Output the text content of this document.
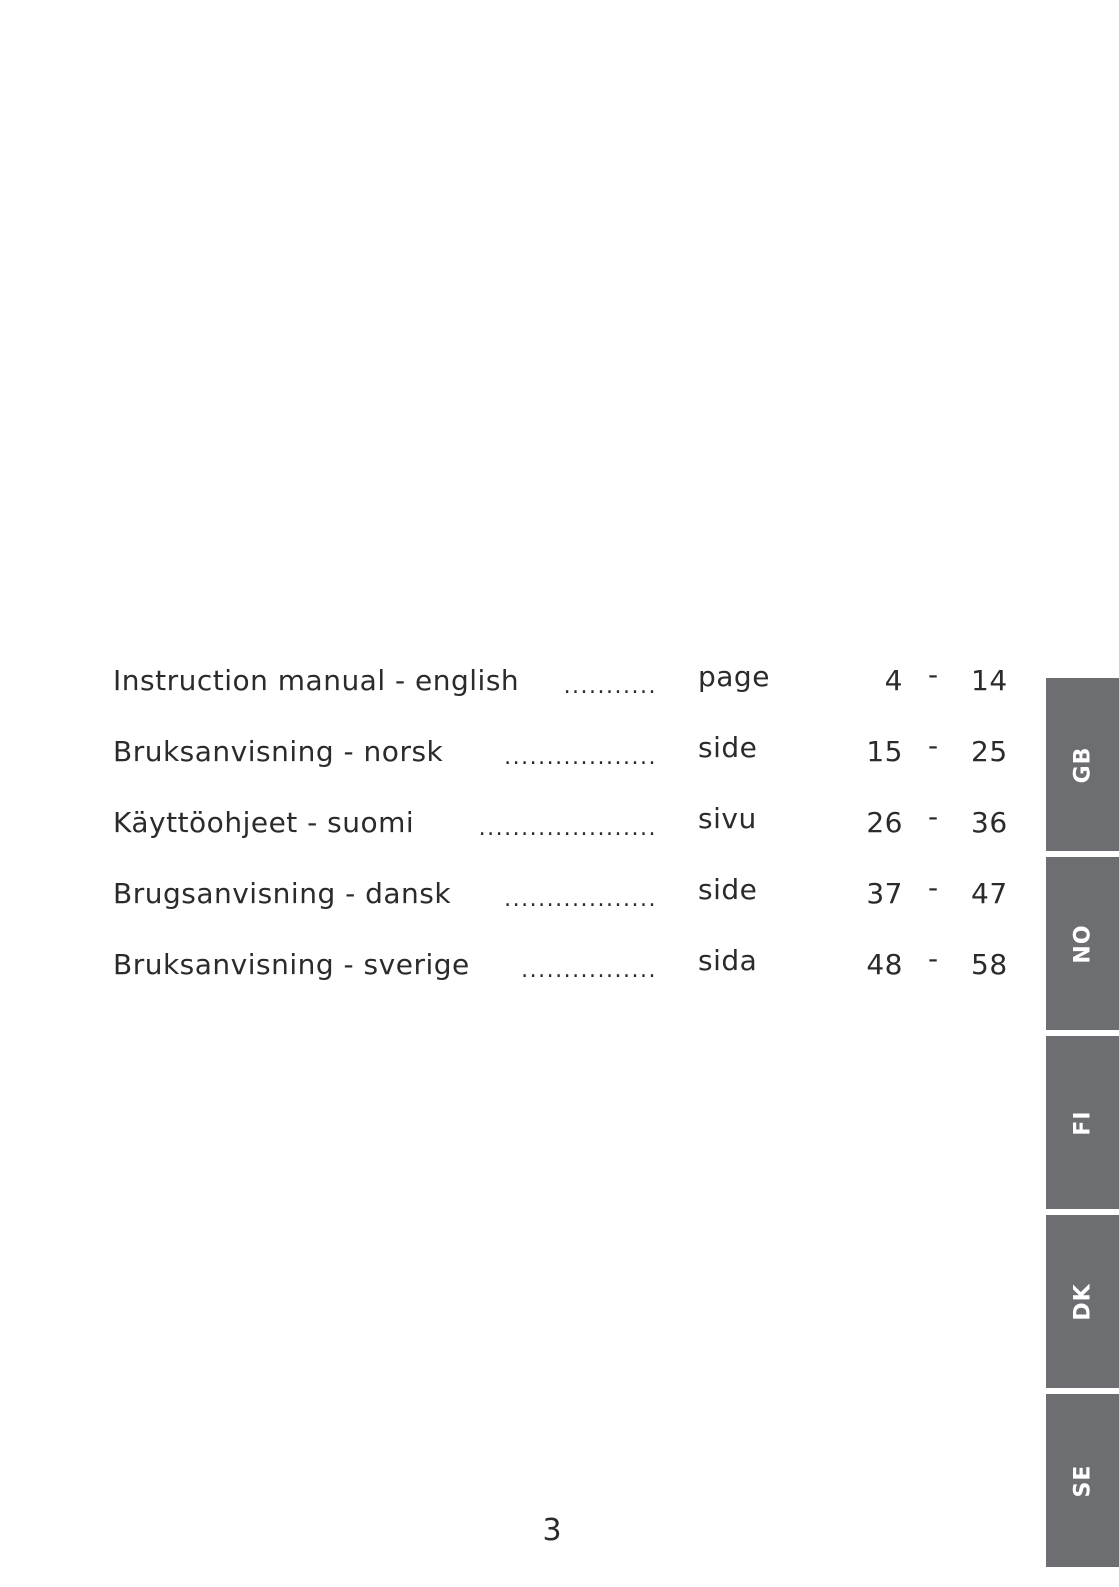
Instruction manual - english ........... page	4 - 14
Bruksanvisning - norsk	.................. side	15 - 25
Käyttöohjeet - suomi	..................... sivu	26 - 36
Brugsanvisning - dansk .................. side	37 - 47
Bruksanvisning - sverige ................ sida	48 - 58
GB
NO
FI
DK
SE
3
